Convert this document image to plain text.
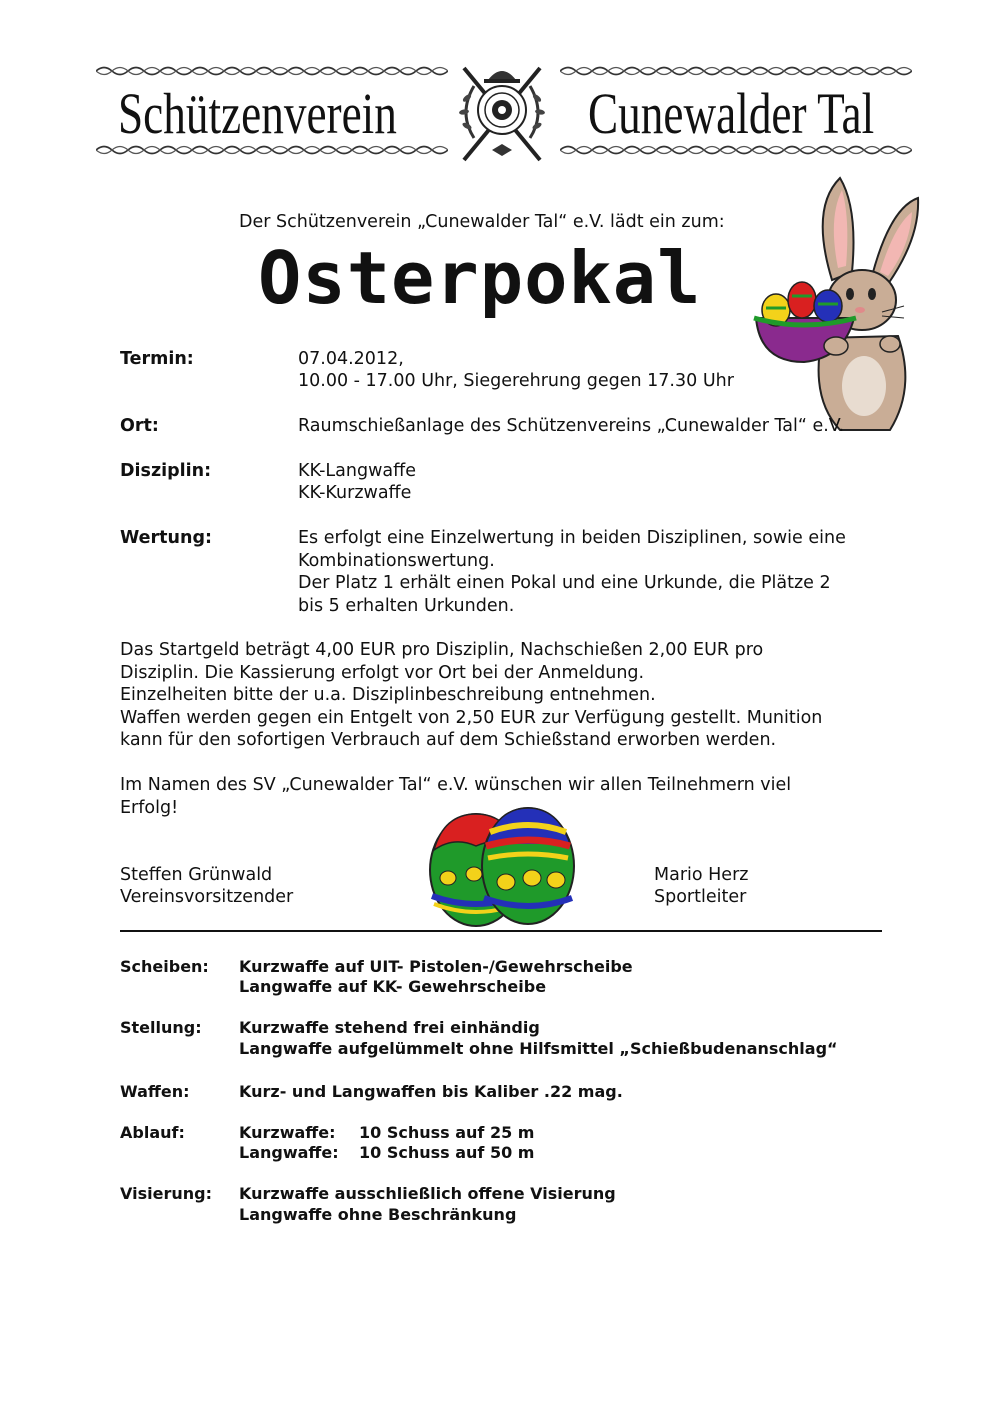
Schützenverein	Cunewalder Tal
Der Schützenverein „Cunewalder Tal“ e.V. lädt ein zum:
Osterpokal
Termin:	07.04.2012,
10.00 - 17.00 Uhr, Siegerehrung gegen 17.30 Uhr
Ort:	Raumschießanlage des Schützenvereins „Cunewalder Tal“ e.V.
Disziplin:	KK-Langwaffe
KK-Kurzwaffe
Wertung:	Es erfolgt eine Einzelwertung in beiden Disziplinen, sowie eine
Kombinationswertung.
Der Platz 1 erhält einen Pokal und eine Urkunde, die Plätze 2
bis 5 erhalten Urkunden.
Das Startgeld beträgt 4,00 EUR pro Disziplin, Nachschießen 2,00 EUR pro
Disziplin. Die Kassierung erfolgt vor Ort bei der Anmeldung.
Einzelheiten bitte der u.a. Disziplinbeschreibung entnehmen.
Waffen werden gegen ein Entgelt von 2,50 EUR zur Verfügung gestellt. Munition
kann für den sofortigen Verbrauch auf dem Schießstand erworben werden.
Im Namen des SV „Cunewalder Tal“ e.V. wünschen wir allen Teilnehmern viel
Erfolg!
Steffen Grünwald
Vereinsvorsitzender
Mario Herz
Sportleiter
Scheiben: Kurzwaffe auf UIT- Pistolen-/Gewehrscheibe
Langwaffe auf KK- Gewehrscheibe
Stellung: Kurzwaffe stehend frei einhändig
Langwaffe aufgelümmelt ohne Hilfsmittel „Schießbudenanschlag“
Waffen:	Kurz- und Langwaffen bis Kaliber .22 mag.
Ablauf:	Kurzwaffe: 10 Schuss auf 25 m
Langwaffe: 10 Schuss auf 50 m
Visierung: Kurzwaffe ausschließlich offene Visierung
Langwaffe ohne Beschränkung
